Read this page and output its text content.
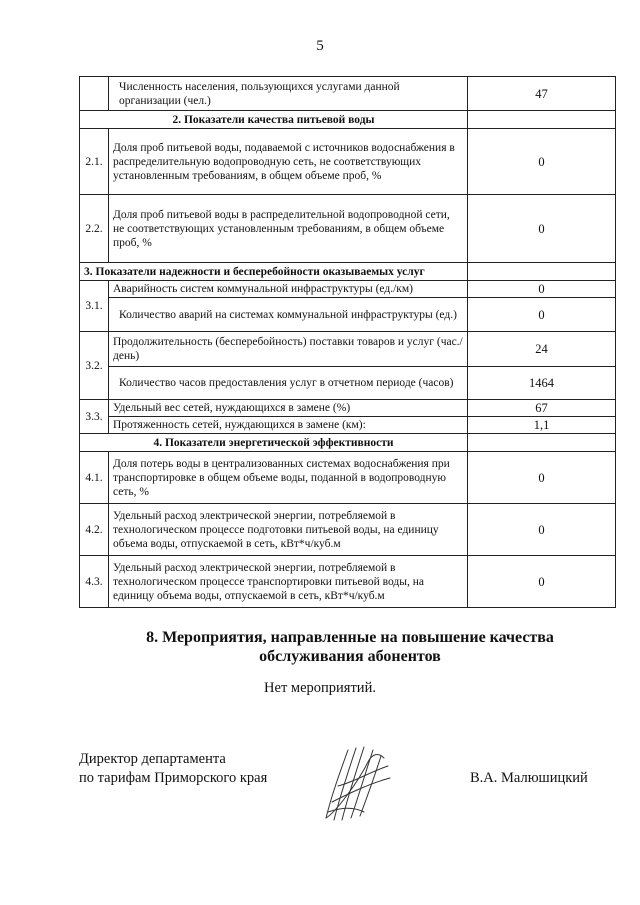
5
	Численность населения, пользующихся услугами данной организации (чел.)	47
2. Показатели качества питьевой воды		
2.1.	Доля проб питьевой воды, подаваемой с источников водоснабжения в распределительную водопроводную сеть, не соответствующих установленным требованиям, в общем объеме проб, %	0
2.2.	Доля проб питьевой воды в распределительной водопроводной сети, не соответствующих установленным требованиям, в общем объеме проб, %	0
3. Показатели надежности и бесперебойности оказываемых услуг		
3.1.	Аварийность систем коммунальной инфраструктуры (ед./км)	0
	Количество аварий на системах коммунальной инфраструктуры (ед.)	0
3.2.	Продолжительность (бесперебойность) поставки товаров и услуг (час./день)	24
	Количество часов предоставления услуг в отчетном периоде (часов)	1464
3.3.	Удельный вес сетей, нуждающихся в замене (%)	67
	Протяженность сетей, нуждающихся в замене (км):	1,1
4. Показатели энергетической эффективности		
4.1.	Доля потерь воды в централизованных системах водоснабжения при транспортировке в общем объеме воды, поданной в водопроводную сеть, %	0
4.2.	Удельный расход электрической энергии, потребляемой в технологическом процессе подготовки питьевой воды, на единицу объема воды, отпускаемой в сеть, кВт*ч/куб.м	0
4.3.	Удельный расход электрической энергии, потребляемой в технологическом процессе транспортировки питьевой воды, на единицу объема воды, отпускаемой в сеть, кВт*ч/куб.м	0
8. Мероприятия, направленные на повышение качества
обслуживания абонентов
Нет мероприятий.
Директор департамента
по тарифам Приморского края	В.А. Малюшицкий
